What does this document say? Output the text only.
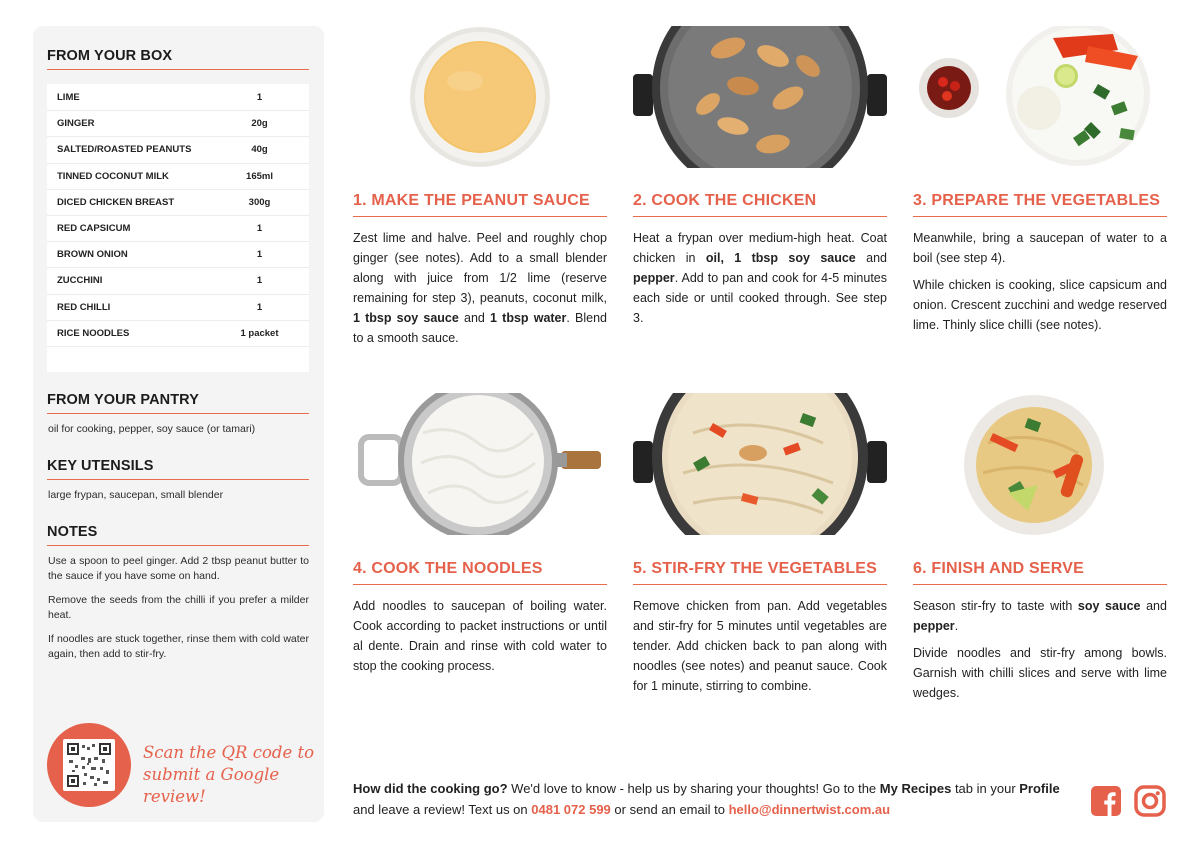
FROM YOUR BOX
LIME	1
GINGER	20g
SALTED/ROASTED PEANUTS	40g
TINNED COCONUT MILK	165ml
DICED CHICKEN BREAST	300g
RED CAPSICUM	1
BROWN ONION	1
ZUCCHINI	1
RED CHILLI	1
RICE NOODLES	1 packet
FROM YOUR PANTRY
oil for cooking, pepper, soy sauce (or tamari)
KEY UTENSILS
large frypan, saucepan, small blender
NOTES

Use a spoon to peel ginger. Add 2 tbsp peanut butter to the sauce if you have some on hand.

Remove the seeds from the chilli if you prefer a milder heat.

If noodles are stuck together, rinse them with cold water again, then add to stir-fry.

Scan the QR code to
submit a Google review!
1. MAKE THE PEANUT SAUCE

Zest lime and halve. Peel and roughly chop ginger (see notes). Add to a small blender along with juice from 1/2 lime (reserve remaining for step 3), peanuts, coconut milk, 1 tbsp soy sauce and 1 tbsp water. Blend to a smooth sauce.

2. COOK THE CHICKEN

Heat a frypan over medium-high heat. Coat chicken in oil, 1 tbsp soy sauce and pepper. Add to pan and cook for 4-5 minutes each side or until cooked through. See step 3.

3. PREPARE THE VEGETABLES

Meanwhile, bring a saucepan of water to a boil (see step 4).

While chicken is cooking, slice capsicum and onion. Crescent zucchini and wedge reserved lime. Thinly slice chilli (see notes).

4. COOK THE NOODLES

Add noodles to saucepan of boiling water. Cook according to packet instructions or until al dente. Drain and rinse with cold water to stop the cooking process.

5. STIR-FRY THE VEGETABLES

Remove chicken from pan. Add vegetables and stir-fry for 5 minutes until vegetables are tender. Add chicken back to pan along with noodles (see notes) and peanut sauce. Cook for 1 minute, stirring to combine.

6. FINISH AND SERVE

Season stir-fry to taste with soy sauce and pepper.

Divide noodles and stir-fry among bowls. Garnish with chilli slices and serve with lime wedges.

How did the cooking go? We'd love to know - help us by sharing your thoughts! Go to the My Recipes tab in your Profile and leave a review! Text us on 0481 072 599 or send an email to hello@dinnertwist.com.au
